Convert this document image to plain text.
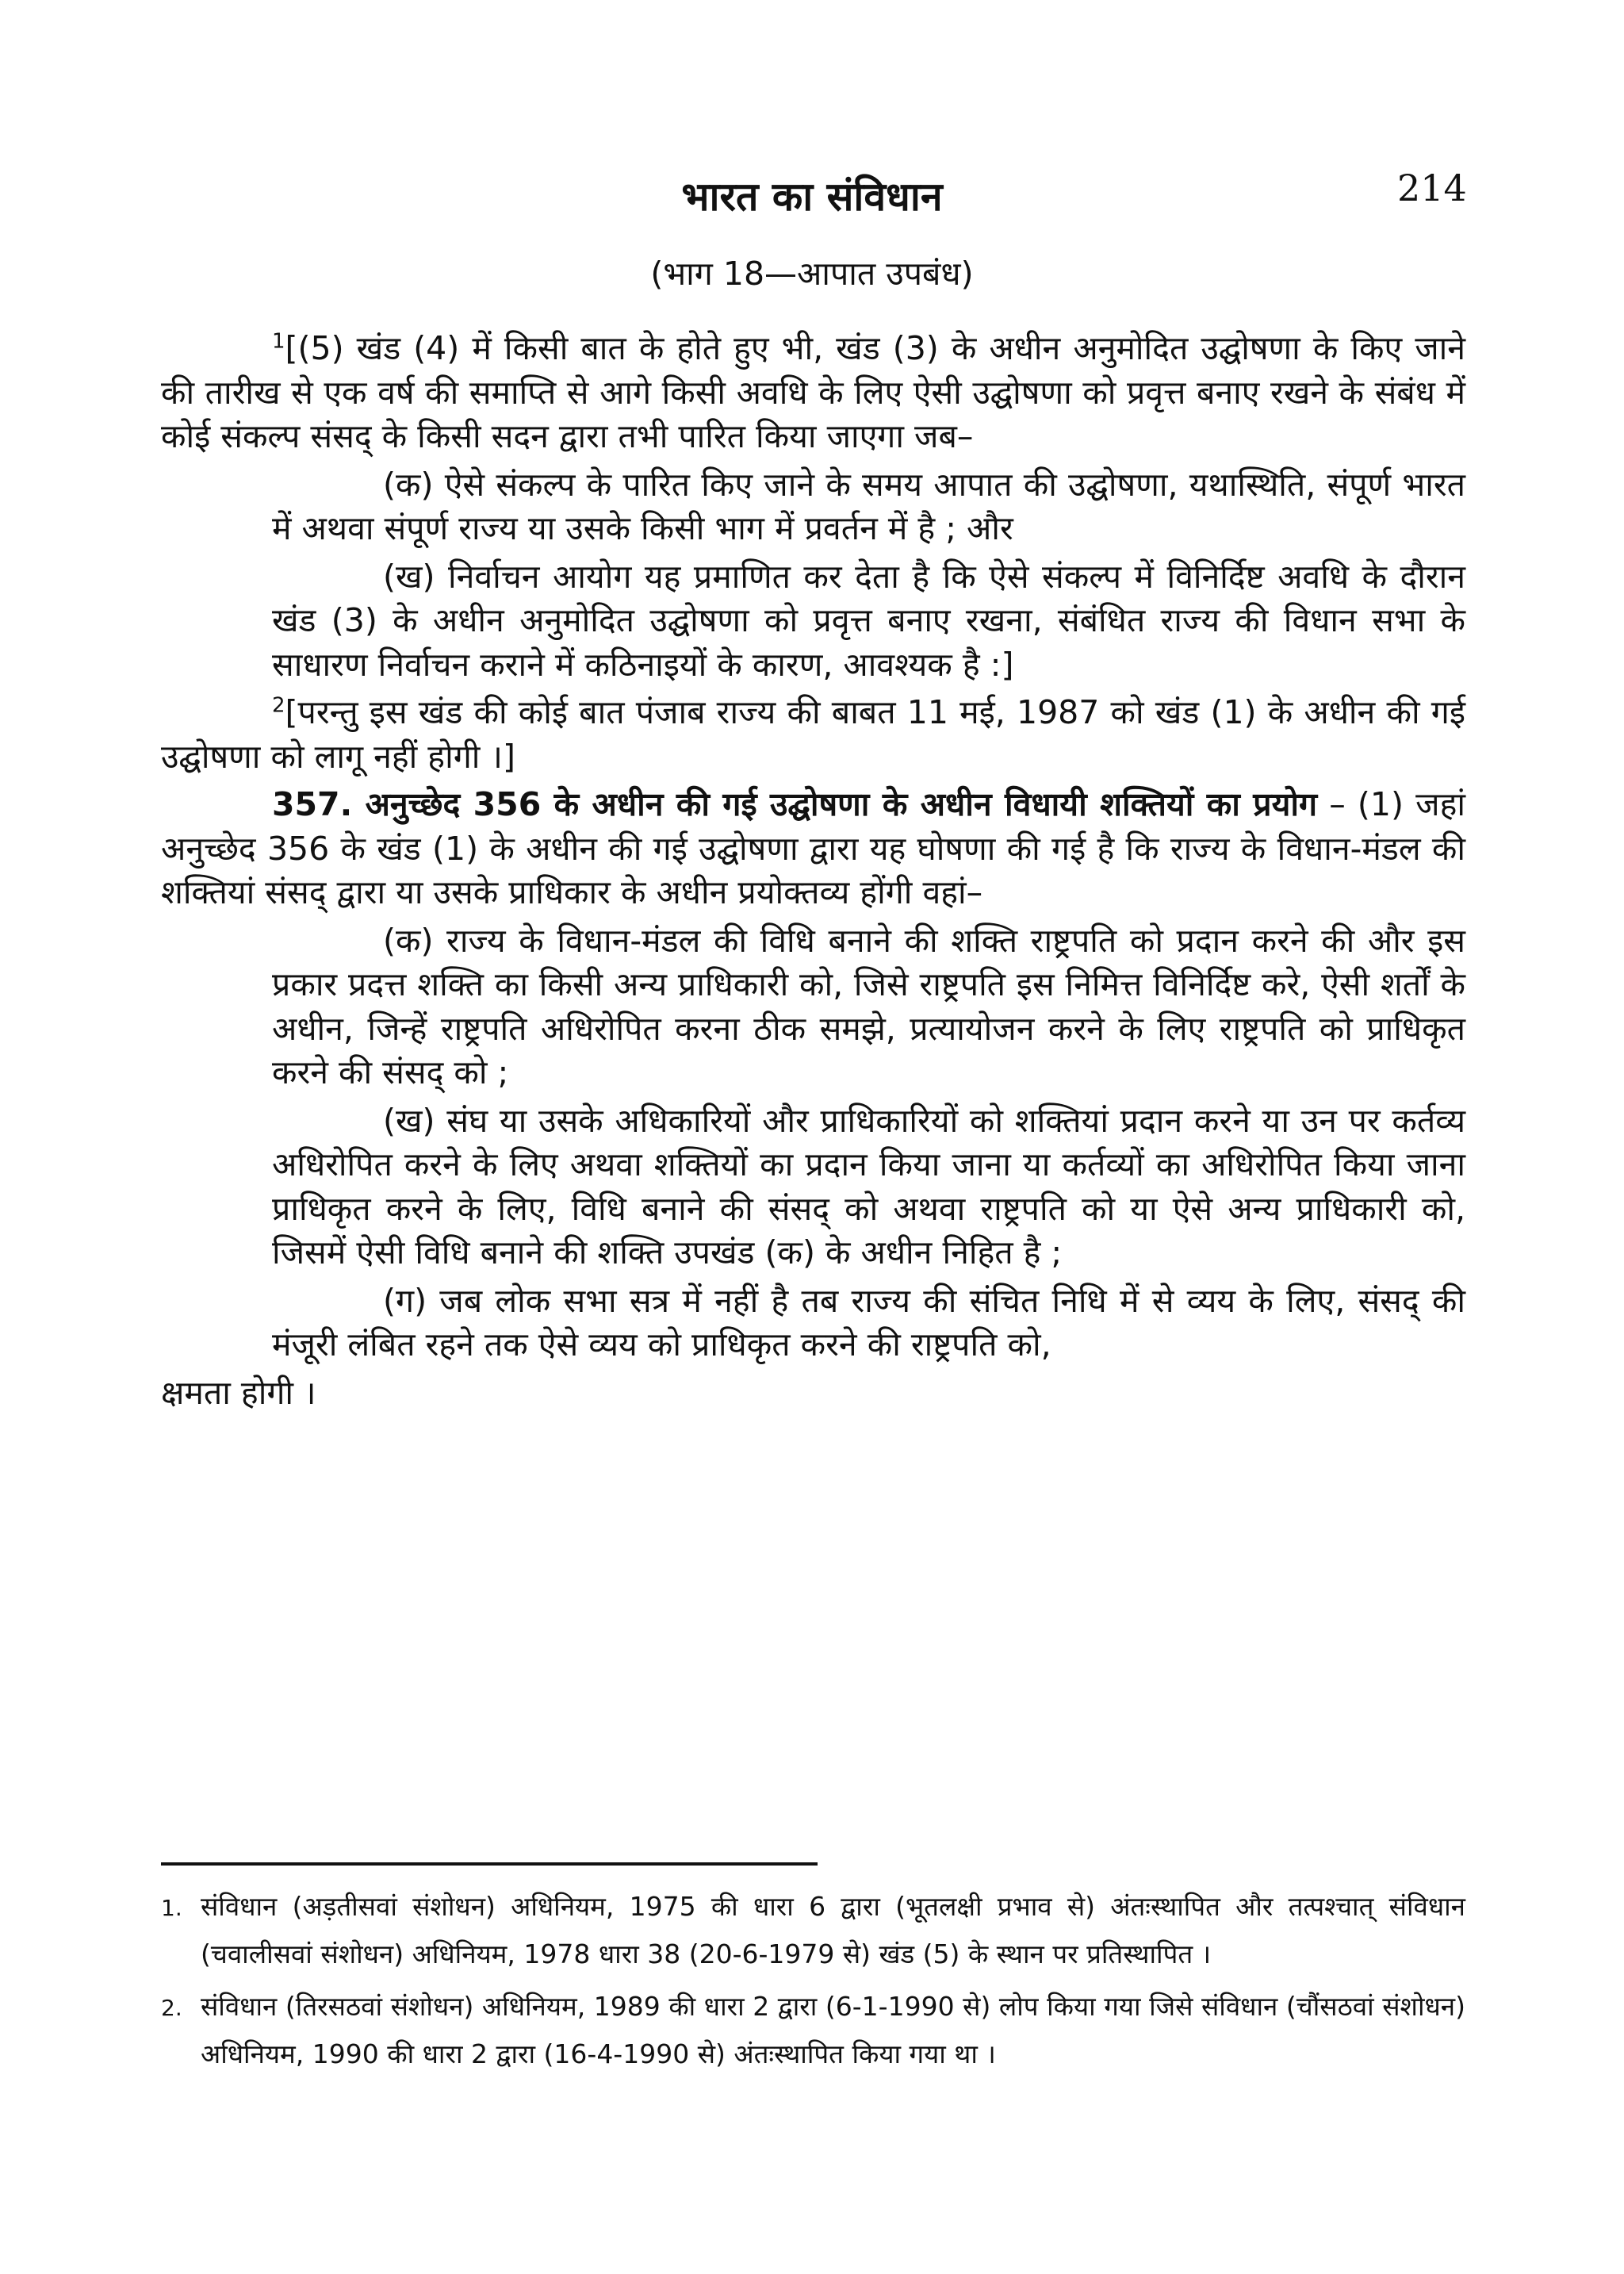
214
भारत का संविधान
(भाग 18—आपात उपबंध)

$^1$[(5) खंड (4) में किसी बात के होते हुए भी, खंड (3) के अधीन अनुमोदित उद्घोषणा के किए जाने की तारीख से एक वर्ष की समाप्ति से आगे किसी अवधि के लिए ऐसी उद्घोषणा को प्रवृत्त बनाए रखने के संबंध में कोई संकल्प संसद् के किसी सदन द्वारा तभी पारित किया जाएगा जब–

(क) ऐसे संकल्प के पारित किए जाने के समय आपात की उद्घोषणा, यथास्थिति, संपूर्ण भारत में अथवा संपूर्ण राज्य या उसके किसी भाग में प्रवर्तन में है ; और

(ख) निर्वाचन आयोग यह प्रमाणित कर देता है कि ऐसे संकल्प में विनिर्दिष्ट अवधि के दौरान खंड (3) के अधीन अनुमोदित उद्घोषणा को प्रवृत्त बनाए रखना, संबंधित राज्य की विधान सभा के साधारण निर्वाचन कराने में कठिनाइयों के कारण, आवश्यक है :]

$^2$[परन्तु इस खंड की कोई बात पंजाब राज्य की बाबत 11 मई, 1987 को खंड (1) के अधीन की गई उद्घोषणा को लागू नहीं होगी ।]

357. अनुच्छेद 356 के अधीन की गई उद्घोषणा के अधीन विधायी शक्तियों का प्रयोग – (1) जहां अनुच्छेद 356 के खंड (1) के अधीन की गई उद्घोषणा द्वारा यह घोषणा की गई है कि राज्य के विधान-मंडल की शक्तियां संसद् द्वारा या उसके प्राधिकार के अधीन प्रयोक्तव्य होंगी वहां–

(क) राज्य के विधान-मंडल की विधि बनाने की शक्ति राष्ट्रपति को प्रदान करने की और इस प्रकार प्रदत्त शक्ति का किसी अन्य प्राधिकारी को, जिसे राष्ट्रपति इस निमित्त विनिर्दिष्ट करे, ऐसी शर्तों के अधीन, जिन्हें राष्ट्रपति अधिरोपित करना ठीक समझे, प्रत्यायोजन करने के लिए राष्ट्रपति को प्राधिकृत करने की संसद् को ;

(ख) संघ या उसके अधिकारियों और प्राधिकारियों को शक्तियां प्रदान करने या उन पर कर्तव्य अधिरोपित करने के लिए अथवा शक्तियों का प्रदान किया जाना या कर्तव्यों का अधिरोपित किया जाना प्राधिकृत करने के लिए, विधि बनाने की संसद् को अथवा राष्ट्रपति को या ऐसे अन्य प्राधिकारी को, जिसमें ऐसी विधि बनाने की शक्ति उपखंड (क) के अधीन निहित है ;

(ग) जब लोक सभा सत्र में नहीं है तब राज्य की संचित निधि में से व्यय के लिए, संसद् की मंजूरी लंबित रहने तक ऐसे व्यय को प्राधिकृत करने की राष्ट्रपति को,

क्षमता होगी ।

1. संविधान (अड़तीसवां संशोधन) अधिनियम, 1975 की धारा 6 द्वारा (भूतलक्षी प्रभाव से) अंतःस्थापित और तत्पश्चात् संविधान (चवालीसवां संशोधन) अधिनियम, 1978 धारा 38 (20-6-1979 से) खंड (5) के स्थान पर प्रतिस्थापित ।

2. संविधान (तिरसठवां संशोधन) अधिनियम, 1989 की धारा 2 द्वारा (6-1-1990 से) लोप किया गया जिसे संविधान (चौंसठवां संशोधन) अधिनियम, 1990 की धारा 2 द्वारा (16-4-1990 से) अंतःस्थापित किया गया था ।
